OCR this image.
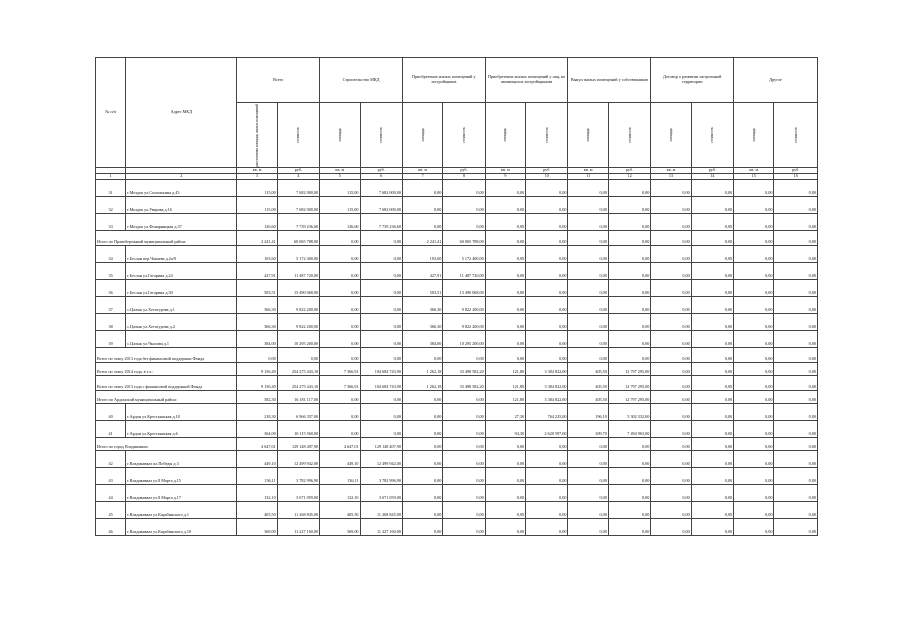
№ п/п	Адрес МКД	Всего		Строительство МКД		Приобретение жилых помещений у застройщиков		Приобретение жилых помещений у лиц, не являющихся застройщиками		Выкуп жилых помещений у собственников		Договор о развитии застроенной территории		Другое	

		расселяемая площадь жилых помещений	стоимость	площадь	стоимость	площадь	стоимость	площадь	стоимость	площадь	стоимость	площадь	стоимость	площадь	стоимость

		кв. м	руб.	кв. м	руб.	кв. м	руб.	кв. м	руб.	кв. м	руб.	кв. м	руб.	кв. м	руб.
1	2	3	4	5	6	7	8	9	10	11	12	13	14	15	16
31	г.Моздок ул.Соломахина д.43	115,00	7 682 000,00	115,00	7 682 000,00	0,00	0,00	0,00	0,00	0,00	0,00	0,00	0,00	0,00	0,00
32	г.Моздок ул.Уварова д.16	115,00	7 682 000,00	115,00	7 682 000,00	0,00	0,00	0,00	0,00	0,00	0,00	0,00	0,00	0,00	0,00
33	г.Моздок ул.Фонарницкая д.37	126,60	7 739 236,60	126,60	7 739 236,60	0,00	0,00	0,00	0,00	0,00	0,00	0,00	0,00	0,00	0,00
Итого по Правобережный муниципальный район:		2 241,41	60 065 788,00	0,00	0,00	2 241,41	60 065 788,00	0,00	0,00	0,00	0,00	0,00	0,00	0,00	0,00
34	г.Беслан пер.Чапаева д.2а/9	103,60	5 172 400,00	0,00	0,00	103,60	5 172 400,00	0,00	0,00	0,00	0,00	0,00	0,00	0,00	0,00
35	г.Беслан ул.Гагарина д.24	427,91	11 487 720,00	0,00	0,00	427,91	11 487 720,00	0,00	0,00	0,00	0,00	0,00	0,00	0,00	0,00
36	г.Беслан ул.Гагарина д.30	503,51	13 490 068,00	0,00	0,00	503,51	13 490 068,00	0,00	0,00	0,00	0,00	0,00	0,00	0,00	0,00
37	с.Цалык ул.Хетагурова д.1	366,30	9 822 200,00	0,00	0,00	366,30	9 822 200,00	0,00	0,00	0,00	0,00	0,00	0,00	0,00	0,00
38	с.Цалык ул.Хетагурова д.2	366,30	9 822 200,00	0,00	0,00	366,30	9 822 200,00	0,00	0,00	0,00	0,00	0,00	0,00	0,00	0,00
39	с.Цалык ул.Чкалова д.1	384,00	10 295 200,00	0,00	0,00	384,00	10 295 200,00	0,00	0,00	0,00	0,00	0,00	0,00	0,00	0,00
Всего по этапу 2013 года без финансовой поддержки Фонда		0,00	0,00	0,00	0,00	0,00	0,00	0,00	0,00	0,00	0,00	0,00	0,00	0,00	0,00
Всего по этапу 2014 года, в т.ч.:		9 156,49	254 275 443,10	7 366,91	104 684 743,90	1 262,18	33 498 582,20	121,80	3 384 822,00	405,50	12 797 295,00	0,00	0,00	0,00	0,00
Всего по этапу 2013 года с финансовой поддержкой Фонда		9 156,49	254 275 443,10	7 366,91	104 684 743,90	1 262,18	33 498 582,20	121,80	3 384 822,00	405,50	12 797 295,00	0,00	0,00	0,00	0,00
Итого по Ардонский муниципальный район:		582,30	16 181 117,00	0,00	0,00	0,00	0,00	121,80	3 384 822,00	405,50	12 797 295,00	0,00	0,00	0,00	0,00
40	г.Ардон ул.Крестьянская д.10	218,30	6 966 357,00	0,00	0,00	0,00	0,00	27,30	764 225,00	196,10	5 302 332,00	0,00	0,00	0,00	0,00
41	г.Ардон ул.Крестьянская д.6	364,00	10 115 560,00	0,00	0,00	0,00	0,00	94,30	2 620 597,00	209,70	7 494 963,00	0,00	0,00	0,00	0,00
Итого по город Владикавказ:		4 647,01	129 148 407,90	4 647,01	129 148 407,90	0,00	0,00	0,00	0,00	0,00	0,00	0,00	0,00	0,00	0,00
42	г.Владикавказ пл.Победы д.3	449,10	12 499 942,00	449,10	12 499 942,00	0,00	0,00	0,00	0,00	0,00	0,00	0,00	0,00	0,00	0,00
43	г.Владикавказ ул.8 Марта д.15	136,11	3 782 996,90	136,11	3 782 996,90	0,00	0,00	0,00	0,00	0,00	0,00	0,00	0,00	0,00	0,00
44	г.Владикавказ ул.8 Марта д.17	132,10	3 671 059,00	132,10	3 671 059,00	0,00	0,00	0,00	0,00	0,00	0,00	0,00	0,00	0,00	0,00
45	г.Владикавказ ул.Карабинского д.1	405,50	11 268 845,00	405,50	11 268 845,00	0,00	0,00	0,00	0,00	0,00	0,00	0,00	0,00	0,00	0,00
46	г.Владикавказ ул.Карабинского д.10	369,00	11 227 160,00	369,00	11 227 160,00	0,00	0,00	0,00	0,00	0,00	0,00	0,00	0,00	0,00	0,00
